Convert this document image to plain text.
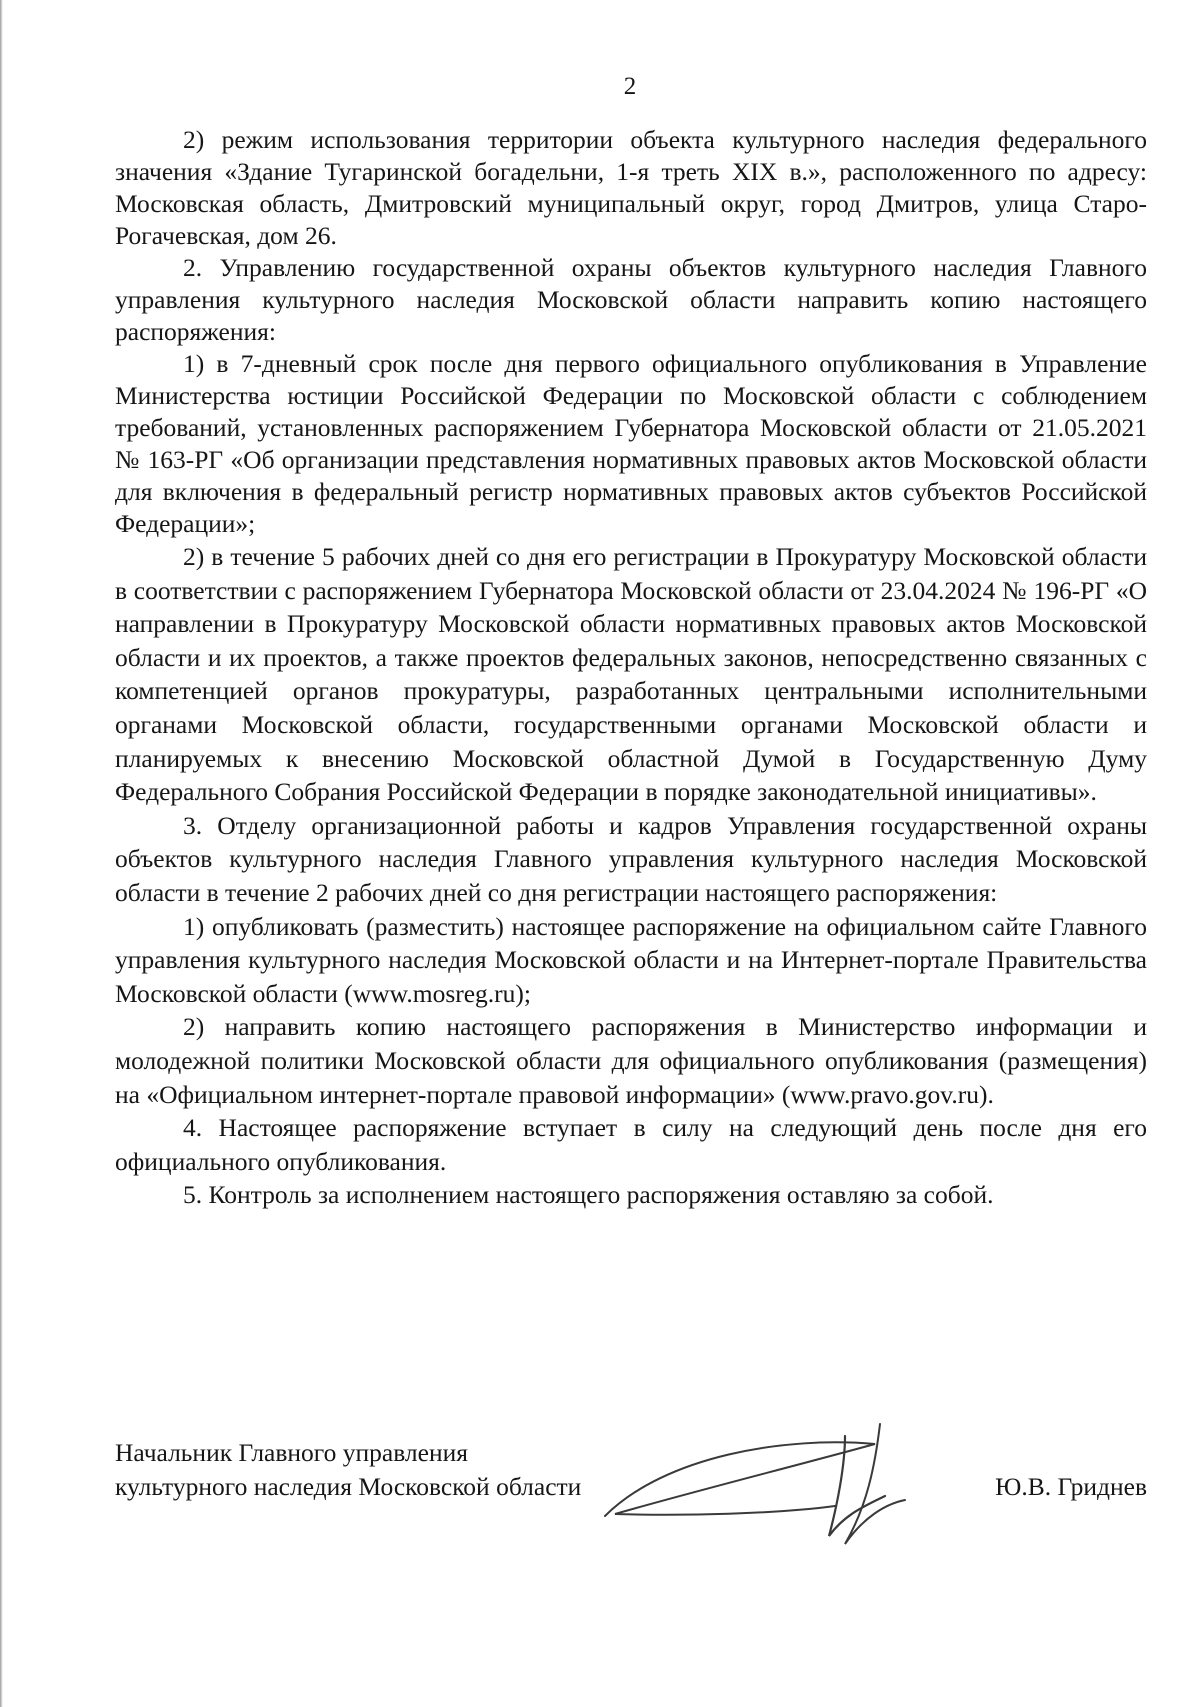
2

2) режим использования территории объекта культурного наследия федерального значения «Здание Тугаринской богадельни, 1-я треть XIX в.», расположенного по адресу: Московская область, Дмитровский муниципальный округ, город Дмитров, улица Старо-Рогачевская, дом 26.

2. Управлению государственной охраны объектов культурного наследия Главного управления культурного наследия Московской области направить копию настоящего распоряжения:

1) в 7-дневный срок после дня первого официального опубликования в Управление Министерства юстиции Российской Федерации по Московской области с соблюдением требований, установленных распоряжением Губернатора Московской области от 21.05.2021 № 163-РГ «Об организации представления нормативных правовых актов Московской области для включения в федеральный регистр нормативных правовых актов субъектов Российской Федерации»;

2) в течение 5 рабочих дней со дня его регистрации в Прокуратуру Московской области в соответствии с распоряжением Губернатора Московской области от 23.04.2024 № 196-РГ «О направлении в Прокуратуру Московской области нормативных правовых актов Московской области и их проектов, а также проектов федеральных законов, непосредственно связанных с компетенцией органов прокуратуры, разработанных центральными исполнительными органами Московской области, государственными органами Московской области и планируемых к внесению Московской областной Думой в Государственную Думу Федерального Собрания Российской Федерации в порядке законодательной инициативы».

3. Отделу организационной работы и кадров Управления государственной охраны объектов культурного наследия Главного управления культурного наследия Московской области в течение 2 рабочих дней со дня регистрации настоящего распоряжения:

1) опубликовать (разместить) настоящее распоряжение на официальном сайте Главного управления культурного наследия Московской области и на Интернет-портале Правительства Московской области (www.mosreg.ru);

2) направить копию настоящего распоряжения в Министерство информации и молодежной политики Московской области для официального опубликования (размещения) на «Официальном интернет-портале правовой информации» (www.pravo.gov.ru).

4. Настоящее распоряжение вступает в силу на следующий день после дня его официального опубликования.

5. Контроль за исполнением настоящего распоряжения оставляю за собой.

Начальник Главного управления
культурного наследия Московской области	Ю.В. Гриднев
